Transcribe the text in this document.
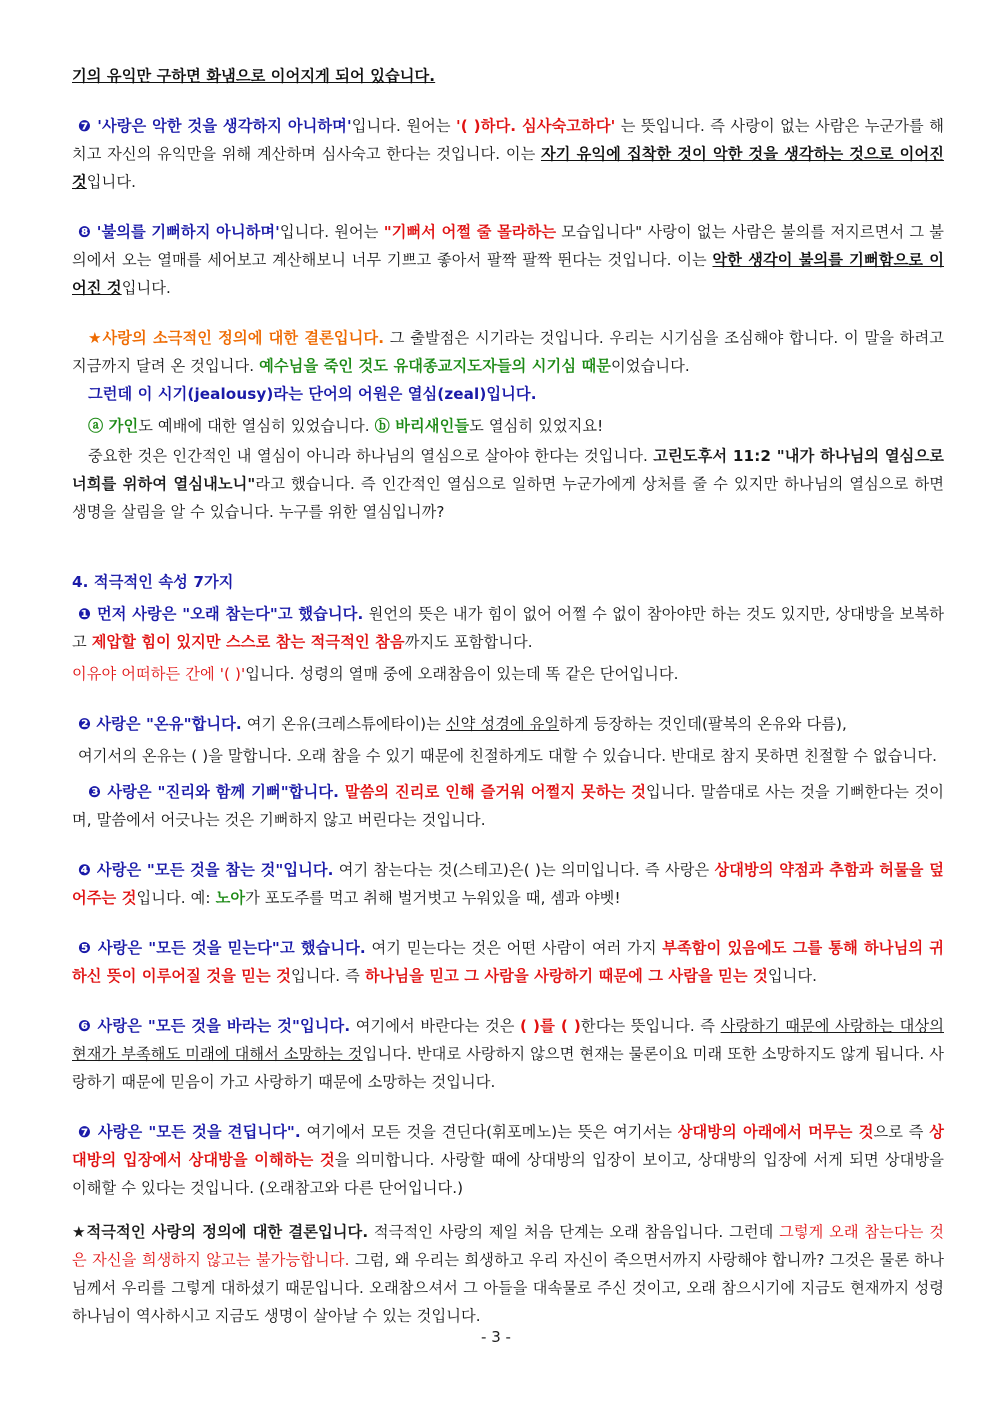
기의 유익만 구하면 화냄으로 이어지게 되어 있습니다.

❼ '사랑은 악한 것을 생각하지 아니하며'입니다. 원어는 '( )하다. 심사숙고하다' 는 뜻입니다. 즉 사랑이 없는 사람은 누군가를 해치고 자신의 유익만을 위해 계산하며 심사숙고 한다는 것입니다. 이는 자기 유익에 집착한 것이 악한 것을 생각하는 것으로 이어진 것입니다.

❽ '불의를 기뻐하지 아니하며'입니다. 원어는 "기뻐서 어쩔 줄 몰라하는 모습입니다" 사랑이 없는 사람은 불의를 저지르면서 그 불의에서 오는 열매를 세어보고 계산해보니 너무 기쁘고 좋아서 팔짝 팔짝 뛴다는 것입니다. 이는 악한 생각이 불의를 기뻐함으로 이어진 것입니다.

★사랑의 소극적인 정의에 대한 결론입니다. 그 출발점은 시기라는 것입니다. 우리는 시기심을 조심해야 합니다. 이 말을 하려고 지금까지 달려 온 것입니다. 예수님을 죽인 것도 유대종교지도자들의 시기심 때문이었습니다.

그런데 이 시기(jealousy)라는 단어의 어원은 열심(zeal)입니다.

ⓐ 가인도 예배에 대한 열심히 있었습니다. ⓑ 바리새인들도 열심히 있었지요!

중요한 것은 인간적인 내 열심이 아니라 하나님의 열심으로 살아야 한다는 것입니다. 고린도후서 11:2 "내가 하나님의 열심으로 너희를 위하여 열심내노니"라고 했습니다. 즉 인간적인 열심으로 일하면 누군가에게 상처를 줄 수 있지만 하나님의 열심으로 하면 생명을 살림을 알 수 있습니다. 누구를 위한 열심입니까?

4. 적극적인 속성 7가지

❶ 먼저 사랑은 "오래 참는다"고 했습니다. 원언의 뜻은 내가 힘이 없어 어쩔 수 없이 참아야만 하는 것도 있지만, 상대방을 보복하고 제압할 힘이 있지만 스스로 참는 적극적인 참음까지도 포함합니다.

이유야 어떠하든 간에 '( )'입니다. 성령의 열매 중에 오래참음이 있는데 똑 같은 단어입니다.

❷ 사랑은 "온유"합니다. 여기 온유(크레스튜에타이)는 신약 성경에 유일하게 등장하는 것인데(팔복의 온유와 다름),

여기서의 온유는 ( )을 말합니다. 오래 참을 수 있기 때문에 친절하게도 대할 수 있습니다. 반대로 참지 못하면 친절할 수 없습니다.

❸ 사랑은 "진리와 함께 기뻐"합니다. 말씀의 진리로 인해 즐거워 어쩔지 못하는 것입니다. 말씀대로 사는 것을 기뻐한다는 것이며, 말씀에서 어긋나는 것은 기뻐하지 않고 버린다는 것입니다.

❹ 사랑은 "모든 것을 참는 것"입니다. 여기 참는다는 것(스테고)은( )는 의미입니다. 즉 사랑은 상대방의 약점과 추함과 허물을 덮어주는 것입니다. 예: 노아가 포도주를 먹고 취해 벌거벗고 누워있을 때, 셈과 야벳!

❺ 사랑은 "모든 것을 믿는다"고 했습니다. 여기 믿는다는 것은 어떤 사람이 여러 가지 부족함이 있음에도 그를 통해 하나님의 귀하신 뜻이 이루어질 것을 믿는 것입니다. 즉 하나님을 믿고 그 사람을 사랑하기 때문에 그 사람을 믿는 것입니다.

❻ 사랑은 "모든 것을 바라는 것"입니다. 여기에서 바란다는 것은 ( )를 ( )한다는 뜻입니다. 즉 사랑하기 때문에 사랑하는 대상의 현재가 부족해도 미래에 대해서 소망하는 것입니다. 반대로 사랑하지 않으면 현재는 물론이요 미래 또한 소망하지도 않게 됩니다. 사랑하기 때문에 믿음이 가고 사랑하기 때문에 소망하는 것입니다.

❼ 사랑은 "모든 것을 견딥니다". 여기에서 모든 것을 견딘다(휘포메노)는 뜻은 여기서는 상대방의 아래에서 머무는 것으로 즉 상대방의 입장에서 상대방을 이해하는 것을 의미합니다. 사랑할 때에 상대방의 입장이 보이고, 상대방의 입장에 서게 되면 상대방을 이해할 수 있다는 것입니다. (오래참고와 다른 단어입니다.)

★적극적인 사랑의 정의에 대한 결론입니다. 적극적인 사랑의 제일 처음 단계는 오래 참음입니다. 그런데 그렇게 오래 참는다는 것은 자신을 희생하지 않고는 불가능합니다. 그럼, 왜 우리는 희생하고 우리 자신이 죽으면서까지 사랑해야 합니까? 그것은 물론 하나님께서 우리를 그렇게 대하셨기 때문입니다. 오래참으셔서 그 아들을 대속물로 주신 것이고, 오래 참으시기에 지금도 현재까지 성령 하나님이 역사하시고 지금도 생명이 살아날 수 있는 것입니다.

- 3 -
